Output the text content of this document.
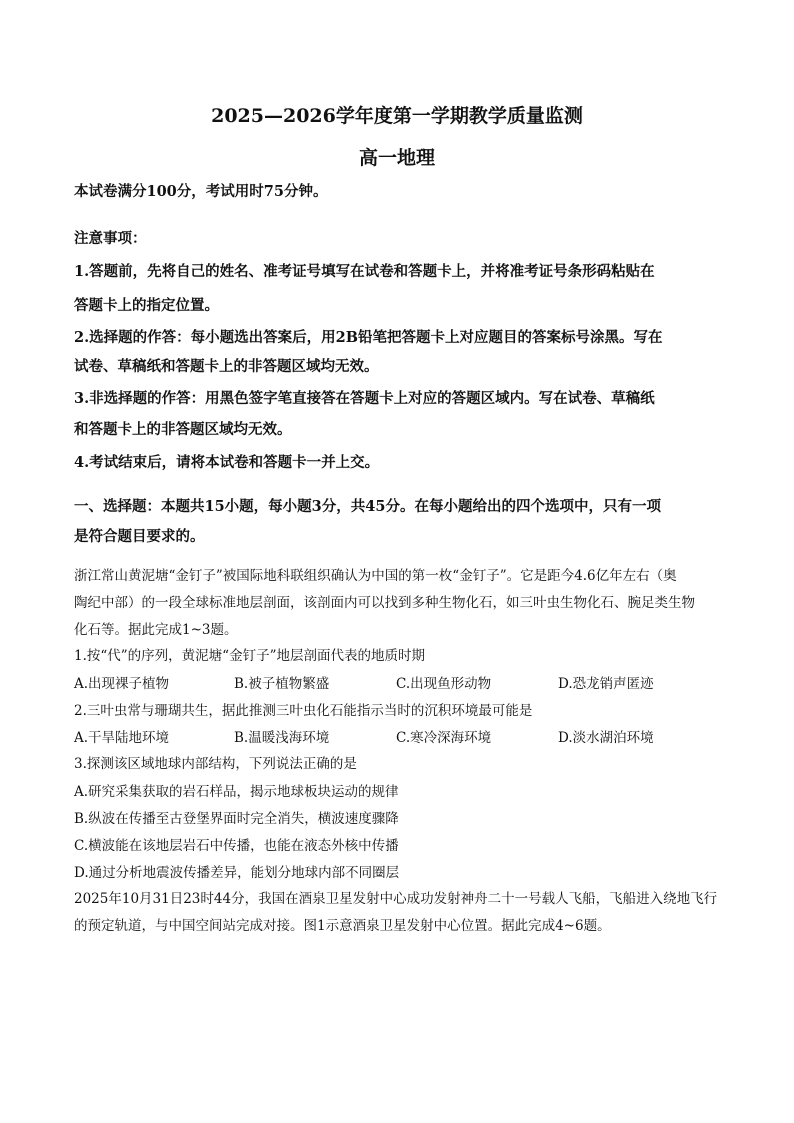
2025—2026学年度第一学期教学质量监测
高一地理
本试卷满分100分，考试用时75分钟。
注意事项：
1.答题前，先将自己的姓名、准考证号填写在试卷和答题卡上，并将准考证号条形码粘贴在
答题卡上的指定位置。
2.选择题的作答：每小题选出答案后，用2B铅笔把答题卡上对应题目的答案标号涂黑。写在
试卷、草稿纸和答题卡上的非答题区域均无效。
3.非选择题的作答：用黑色签字笔直接答在答题卡上对应的答题区域内。写在试卷、草稿纸
和答题卡上的非答题区域均无效。
4.考试结束后，请将本试卷和答题卡一并上交。
一、选择题：本题共15小题，每小题3分，共45分。在每小题给出的四个选项中，只有一项
是符合题目要求的。
浙江常山黄泥塘“金钉子”被国际地科联组织确认为中国的第一枚“金钉子”。它是距今4.6亿年左右（奥
陶纪中部）的一段全球标准地层剖面，该剖面内可以找到多种生物化石，如三叶虫生物化石、腕足类生物
化石等。据此完成1~3题。
1.按“代”的序列，黄泥塘“金钉子”地层剖面代表的地质时期
A.出现裸子植物	B.被子植物繁盛	C.出现鱼形动物	D.恐龙销声匿迹
2.三叶虫常与珊瑚共生，据此推测三叶虫化石能指示当时的沉积环境最可能是
A.干旱陆地环境	B.温暖浅海环境	C.寒冷深海环境	D.淡水湖泊环境
3.探测该区域地球内部结构，下列说法正确的是
A.研究采集获取的岩石样品，揭示地球板块运动的规律
B.纵波在传播至古登堡界面时完全消失，横波速度骤降
C.横波能在该地层岩石中传播，也能在液态外核中传播
D.通过分析地震波传播差异，能划分地球内部不同圈层
2025年10月31日23时44分，我国在酒泉卫星发射中心成功发射神舟二十一号载人飞船，飞船进入绕地飞行
的预定轨道，与中国空间站完成对接。图1示意酒泉卫星发射中心位置。据此完成4~6题。
